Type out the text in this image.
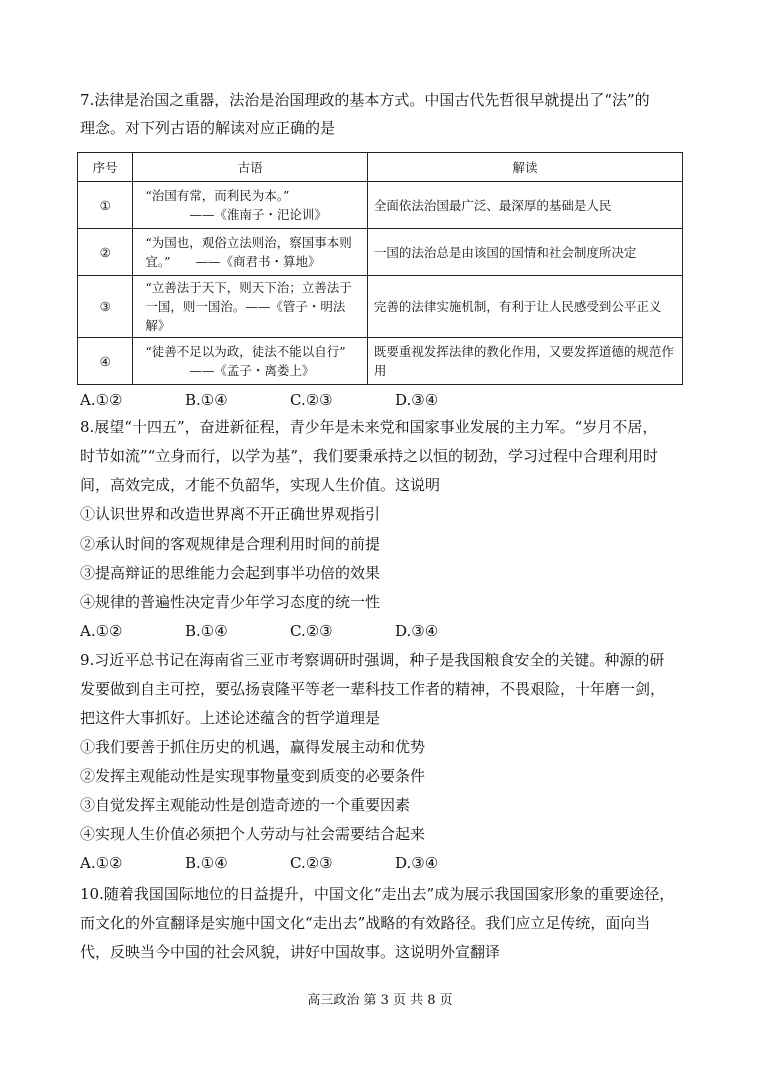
7.法律是治国之重器，法治是治国理政的基本方式。中国古代先哲很早就提出了“法”的
理念。对下列古语的解读对应正确的是
序号	古语	解读
①	“治国有常，而利民为本。”
——《淮南子・汜论训》	全面依法治国最广泛、最深厚的基础是人民
②	“为国也，观俗立法则治，察国事本则
宜。”　　——《商君书・算地》	一国的法治总是由该国的国情和社会制度所决定
③	“立善法于天下，则天下治；立善法于
一国，则一国治。——《管子・明法解》	完善的法律实施机制，有利于让人民感受到公平正义
④	“徒善不足以为政，徒法不能以自行”
——《孟子・离娄上》	既要重视发挥法律的教化作用，又要发挥道德的规范作用
A.①②	B.①④	C.②③	D.③④
8.展望“十四五”，奋进新征程，青少年是未来党和国家事业发展的主力军。“岁月不居，
时节如流”“立身而行，以学为基”，我们要秉承持之以恒的韧劲，学习过程中合理利用时
间，高效完成，才能不负韶华，实现人生价值。这说明
①认识世界和改造世界离不开正确世界观指引
②承认时间的客观规律是合理利用时间的前提
③提高辩证的思维能力会起到事半功倍的效果
④规律的普遍性决定青少年学习态度的统一性
A.①②	B.①④	C.②③	D.③④
9.习近平总书记在海南省三亚市考察调研时强调，种子是我国粮食安全的关键。种源的研
发要做到自主可控，要弘扬袁隆平等老一辈科技工作者的精神，不畏艰险，十年磨一剑，
把这件大事抓好。上述论述蕴含的哲学道理是
①我们要善于抓住历史的机遇，赢得发展主动和优势
②发挥主观能动性是实现事物量变到质变的必要条件
③自觉发挥主观能动性是创造奇迹的一个重要因素
④实现人生价值必须把个人劳动与社会需要结合起来
A.①②	B.①④	C.②③	D.③④
10.随着我国国际地位的日益提升，中国文化“走出去”成为展示我国国家形象的重要途径，
而文化的外宣翻译是实施中国文化“走出去”战略的有效路径。我们应立足传统，面向当
代，反映当今中国的社会风貌，讲好中国故事。这说明外宣翻译
高三政治 第 3 页 共 8 页
